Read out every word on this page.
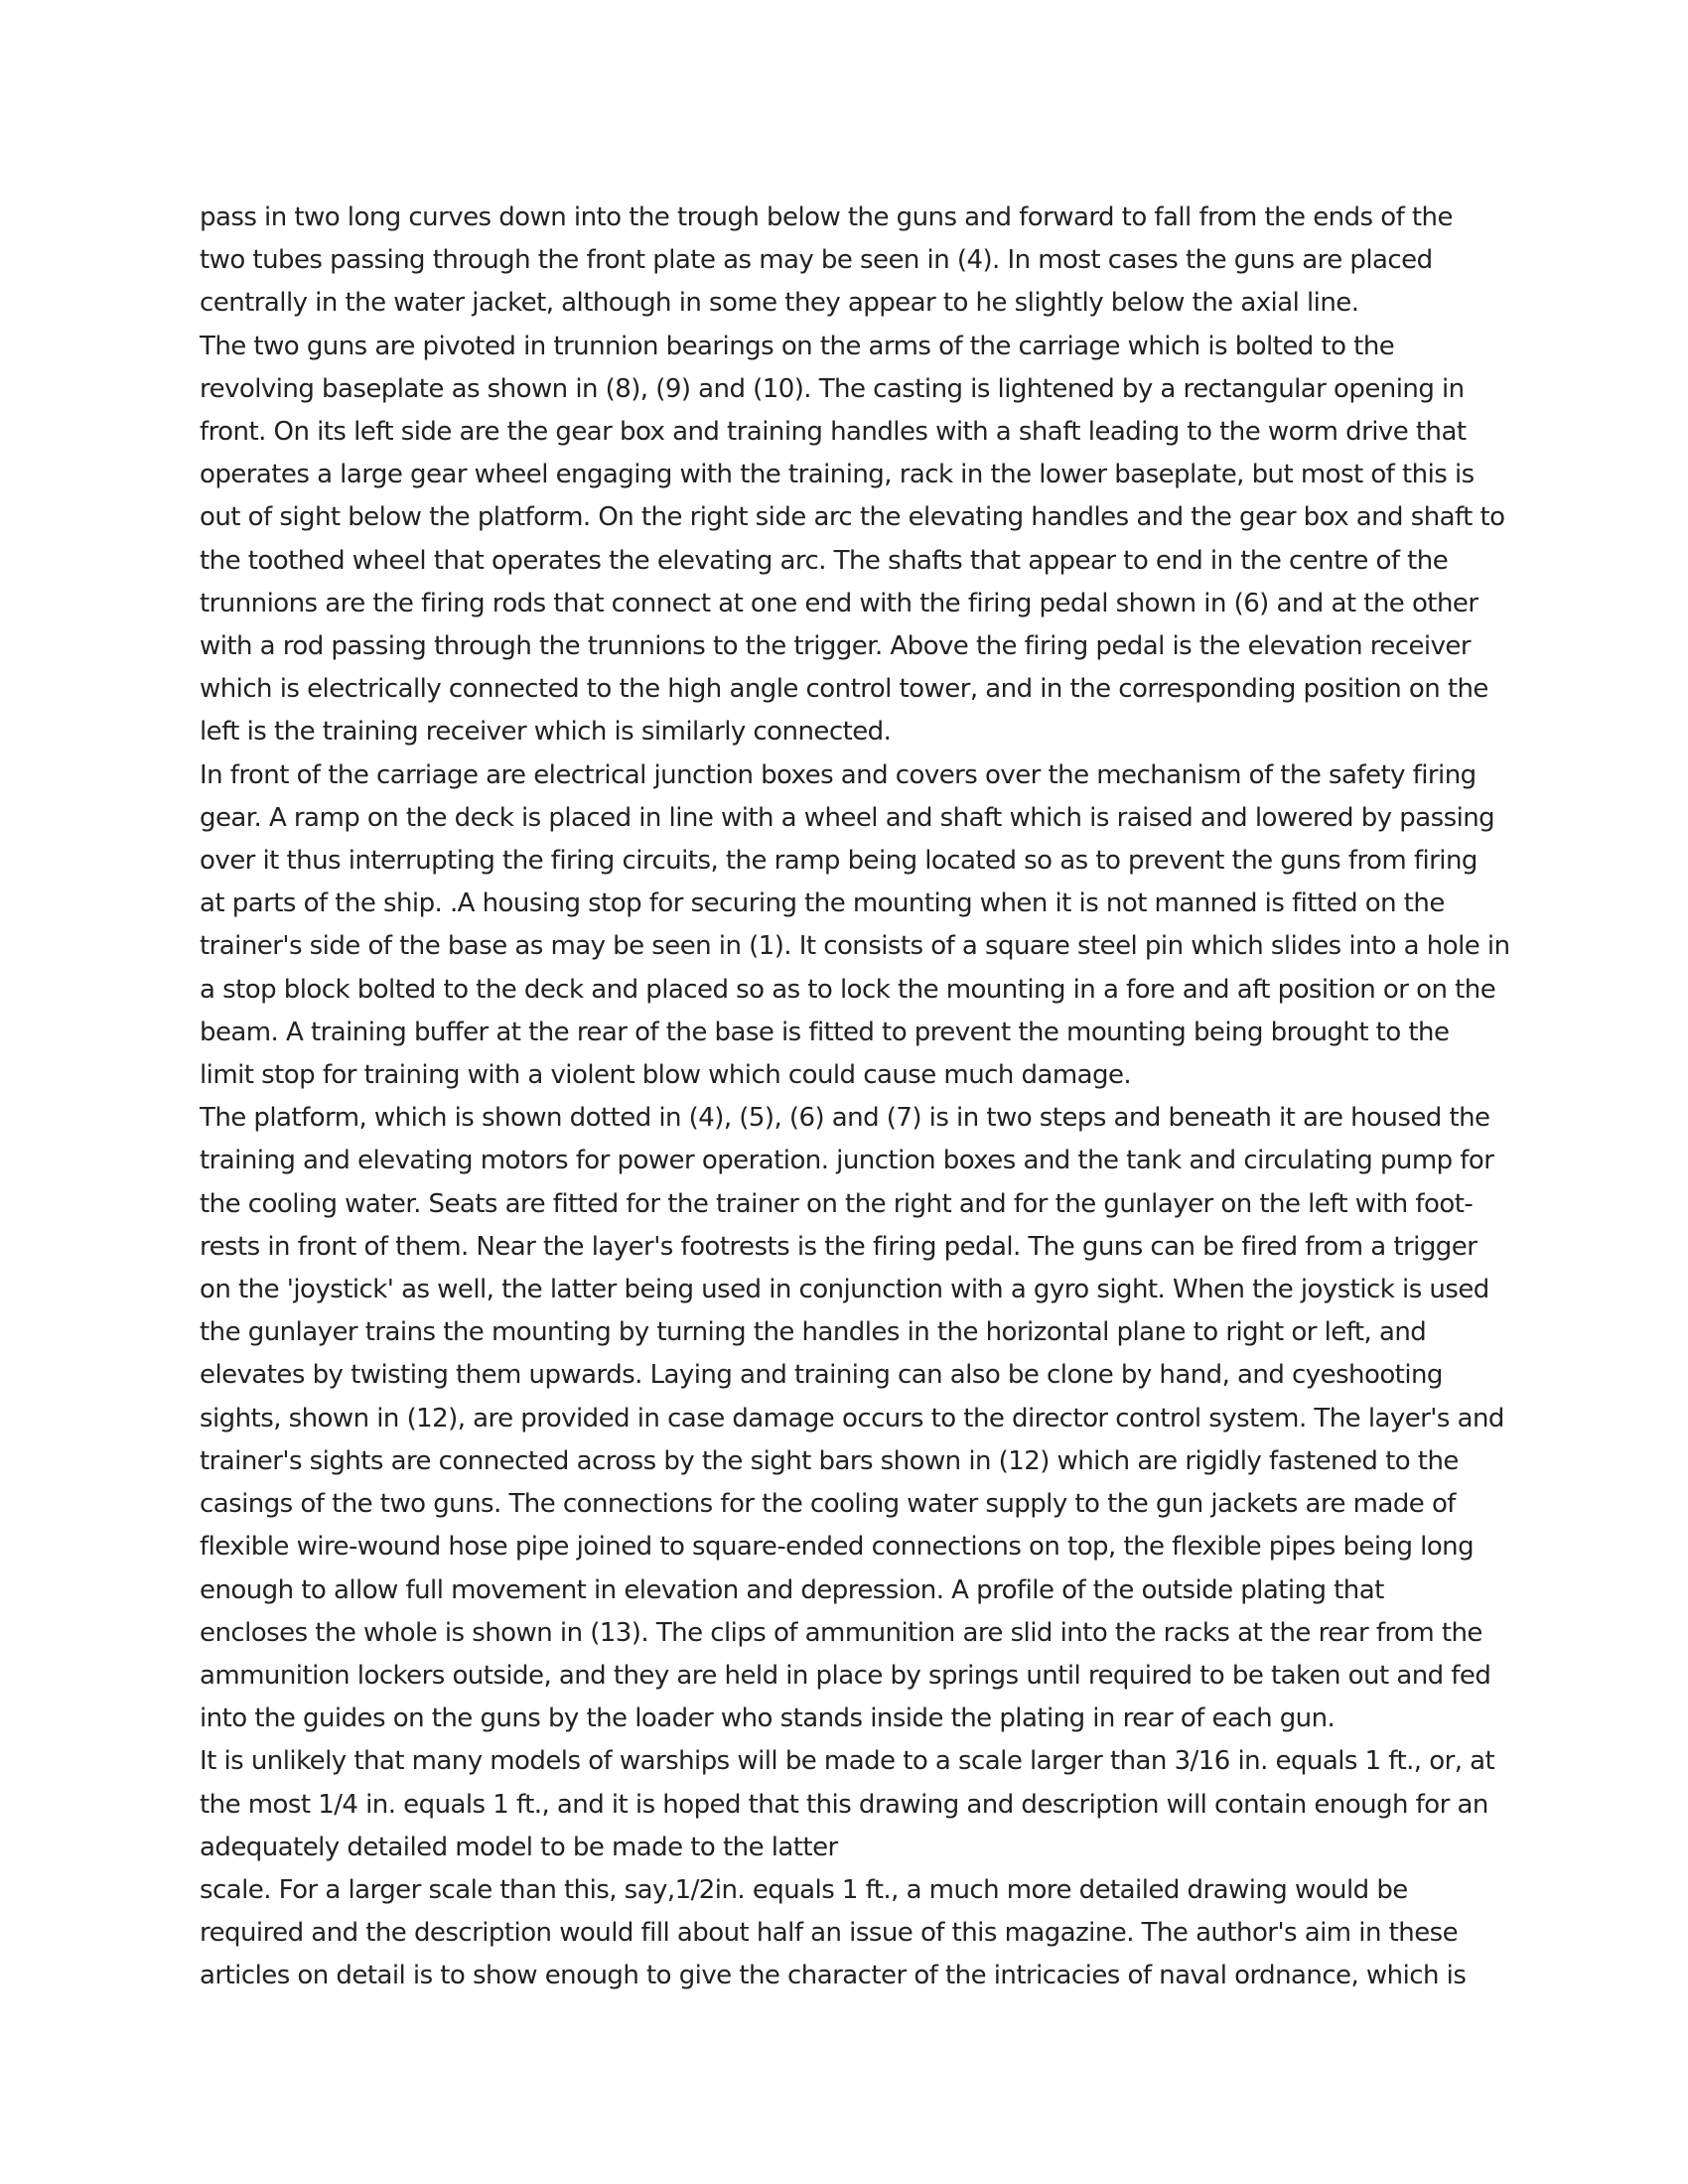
pass in two long curves down into the trough below the guns and forward to fall from the ends of the
two tubes passing through the front plate as may be seen in (4). In most cases the guns are placed
centrally in the water jacket, although in some they appear to he slightly below the axial line.
The two guns are pivoted in trunnion bearings on the arms of the carriage which is bolted to the
revolving baseplate as shown in (8), (9) and (10). The casting is lightened by a rectangular opening in
front. On its left side are the gear box and training handles with a shaft leading to the worm drive that
operates a large gear wheel engaging with the training, rack in the lower baseplate, but most of this is
out of sight below the platform. On the right side arc the elevating handles and the gear box and shaft to
the toothed wheel that operates the elevating arc. The shafts that appear to end in the centre of the
trunnions are the firing rods that connect at one end with the firing pedal shown in (6) and at the other
with a rod passing through the trunnions to the trigger. Above the firing pedal is the elevation receiver
which is electrically connected to the high angle control tower, and in the corresponding position on the
left is the training receiver which is similarly connected.
In front of the carriage are electrical junction boxes and covers over the mechanism of the safety firing
gear. A ramp on the deck is placed in line with a wheel and shaft which is raised and lowered by passing
over it thus interrupting the firing circuits, the ramp being located so as to prevent the guns from firing
at parts of the ship. .A housing stop for securing the mounting when it is not manned is fitted on the
trainer's side of the base as may be seen in (1). It consists of a square steel pin which slides into a hole in
a stop block bolted to the deck and placed so as to lock the mounting in a fore and aft position or on the
beam. A training buffer at the rear of the base is fitted to prevent the mounting being brought to the
limit stop for training with a violent blow which could cause much damage.
The platform, which is shown dotted in (4), (5), (6) and (7) is in two steps and beneath it are housed the
training and elevating motors for power operation. junction boxes and the tank and circulating pump for
the cooling water. Seats are fitted for the trainer on the right and for the gunlayer on the left with foot-
rests in front of them. Near the layer's footrests is the firing pedal. The guns can be fired from a trigger
on the 'joystick' as well, the latter being used in conjunction with a gyro sight. When the joystick is used
the gunlayer trains the mounting by turning the handles in the horizontal plane to right or left, and
elevates by twisting them upwards. Laying and training can also be clone by hand, and cyeshooting
sights, shown in (12), are provided in case damage occurs to the director control system. The layer's and
trainer's sights are connected across by the sight bars shown in (12) which are rigidly fastened to the
casings of the two guns. The connections for the cooling water supply to the gun jackets are made of
flexible wire-wound hose pipe joined to square-ended connections on top, the flexible pipes being long
enough to allow full movement in elevation and depression. A profile of the outside plating that
encloses the whole is shown in (13). The clips of ammunition are slid into the racks at the rear from the
ammunition lockers outside, and they are held in place by springs until required to be taken out and fed
into the guides on the guns by the loader who stands inside the plating in rear of each gun.
It is unlikely that many models of warships will be made to a scale larger than 3/16 in. equals 1 ft., or, at
the most 1/4 in. equals 1 ft., and it is hoped that this drawing and description will contain enough for an
adequately detailed model to be made to the latter
scale. For a larger scale than this, say,1/2in. equals 1 ft., a much more detailed drawing would be
required and the description would fill about half an issue of this magazine. The author's aim in these
articles on detail is to show enough to give the character of the intricacies of naval ordnance, which is
